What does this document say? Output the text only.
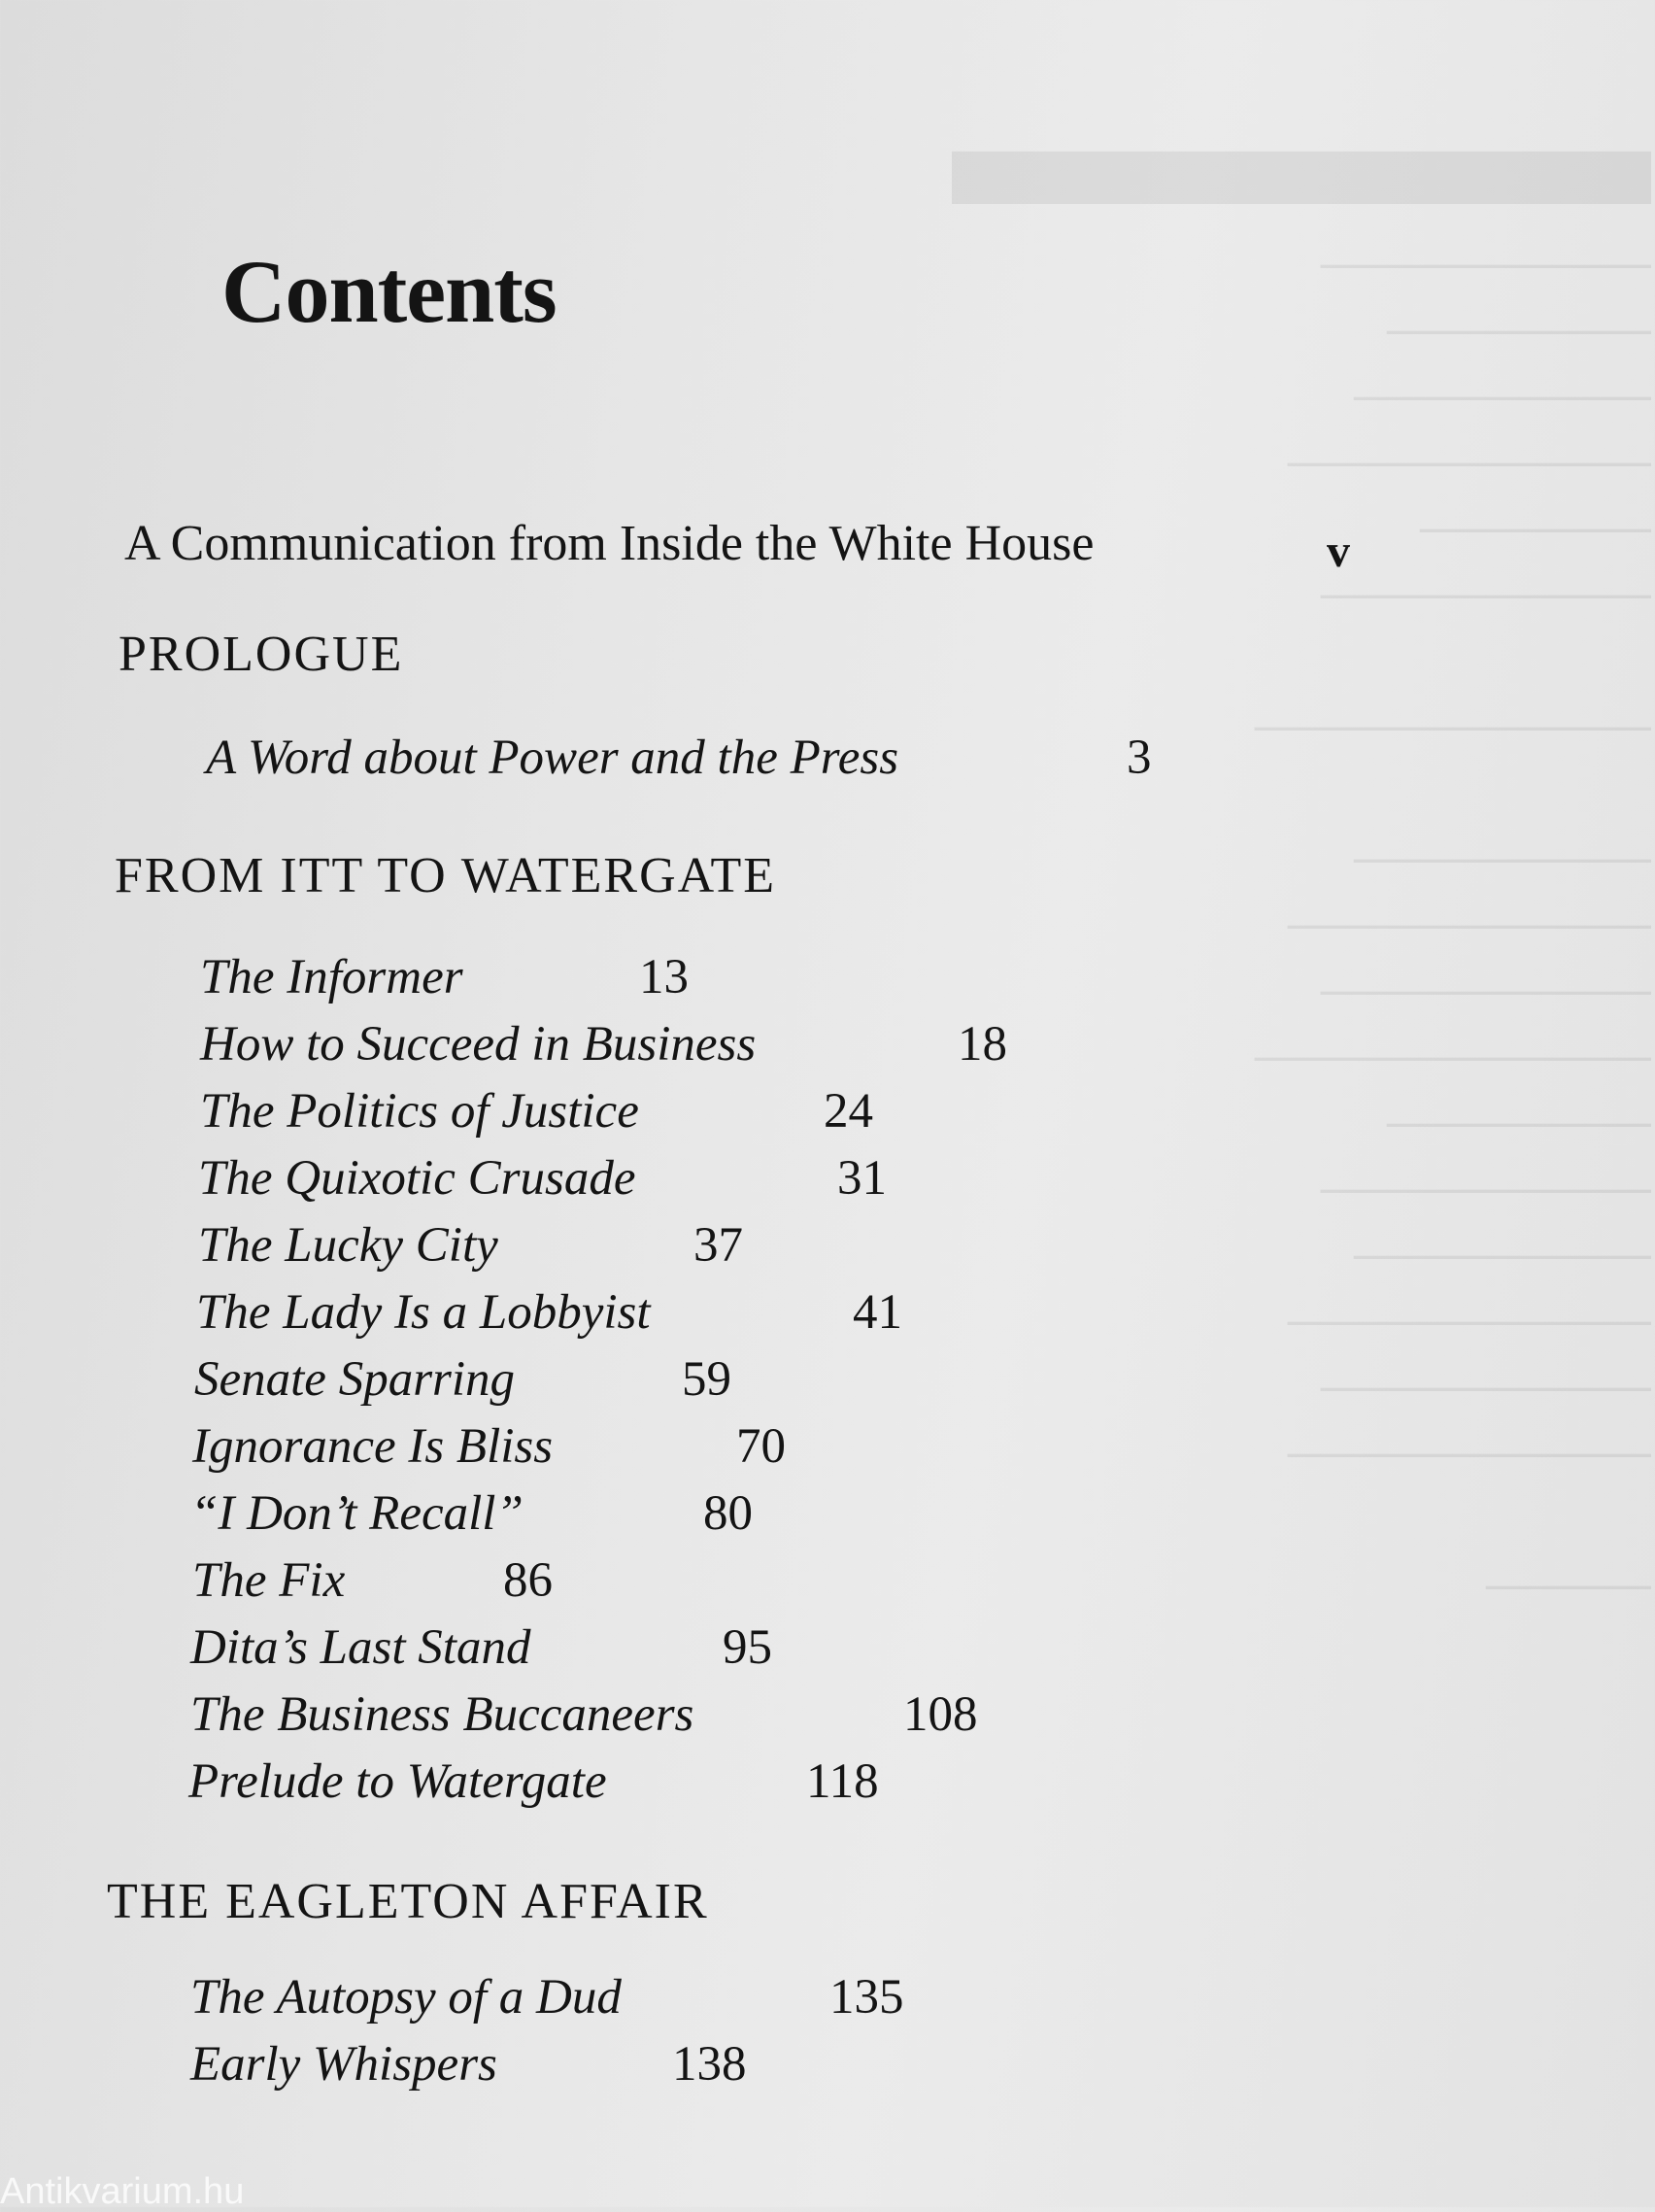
▬▬▬▬
──────────
────────
─────────
───────────
───────
──────────

────────────

─────────
───────────
──────────
────────────
────────
──────────
─────────
───────────
──────────
───────────

─────
Contents
A Communication from Inside the White House	v
PROLOGUE
A Word about Power and the Press	3
FROM ITT TO WATERGATE
The Informer	13
How to Succeed in Business	18
The Politics of Justice	24
The Quixotic Crusade	31
The Lucky City	37
The Lady Is a Lobbyist	41
Senate Sparring	59
Ignorance Is Bliss	70
“I Don’t Recall”	80
The Fix	86
Dita’s Last Stand	95
The Business Buccaneers	108
Prelude to Watergate	118
THE EAGLETON AFFAIR
The Autopsy of a Dud	135
Early Whispers	138
Antikvarium.hu
